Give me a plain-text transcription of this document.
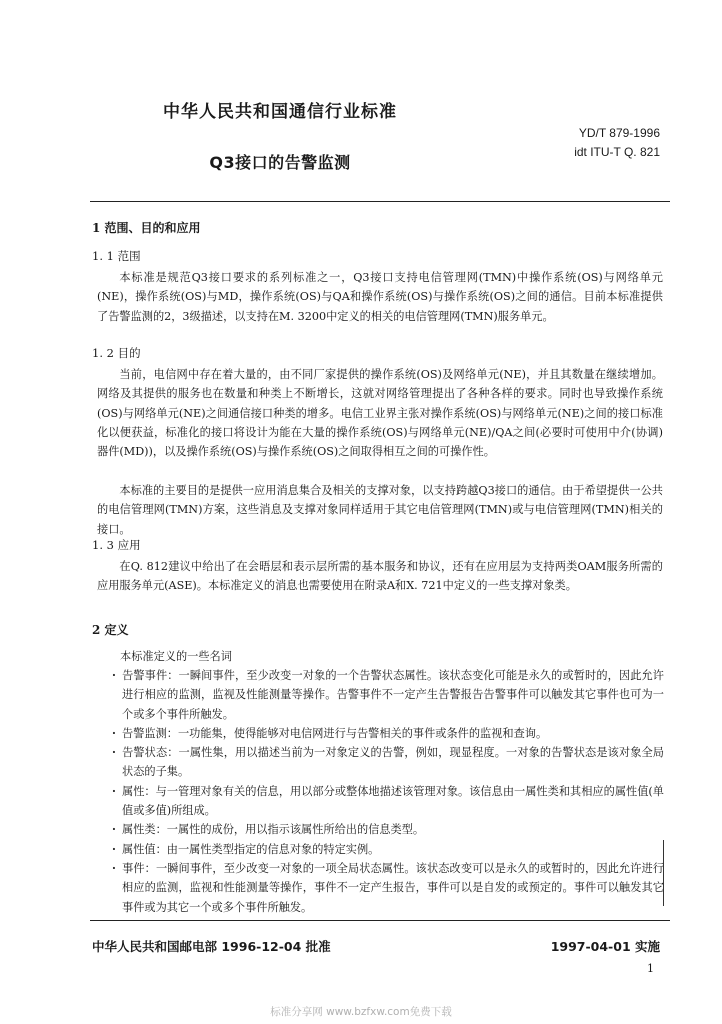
中华人民共和国通信行业标准
YD/T 879-1996
idt ITU-T Q. 821
Q3接口的告警监测
1 范围、目的和应用
1. 1 范围
本标准是规范Q3接口要求的系列标准之一，Q3接口支持电信管理网(TMN)中操作系统(OS)与网络单元(NE)，操作系统(OS)与MD，操作系统(OS)与QA和操作系统(OS)与操作系统(OS)之间的通信。目前本标准提供了告警监测的2，3级描述，以支持在M. 3200中定义的相关的电信管理网(TMN)服务单元。
1. 2 目的
当前，电信网中存在着大量的，由不同厂家提供的操作系统(OS)及网络单元(NE)，并且其数量在继续增加。网络及其提供的服务也在数量和种类上不断增长，这就对网络管理提出了各种各样的要求。同时也导致操作系统(OS)与网络单元(NE)之间通信接口种类的增多。电信工业界主张对操作系统(OS)与网络单元(NE)之间的接口标准化以便获益，标准化的接口将设计为能在大量的操作系统(OS)与网络单元(NE)/QA之间(必要时可使用中介(协调)器件(MD))，以及操作系统(OS)与操作系统(OS)之间取得相互之间的可操作性。
本标准的主要目的是提供一应用消息集合及相关的支撑对象，以支持跨越Q3接口的通信。由于希望提供一公共的电信管理网(TMN)方案，这些消息及支撑对象同样适用于其它电信管理网(TMN)或与电信管理网(TMN)相关的接口。
1. 3 应用
在Q. 812建议中给出了在会晤层和表示层所需的基本服务和协议，还有在应用层为支持两类OAM服务所需的应用服务单元(ASE)。本标准定义的消息也需要使用在附录A和X. 721中定义的一些支撑对象类。
2 定义
本标准定义的一些名词
· 告警事件：一瞬间事件，至少改变一对象的一个告警状态属性。该状态变化可能是永久的或暂时的，因此允许进行相应的监测，监视及性能测量等操作。告警事件不一定产生告警报告告警事件可以触发其它事件也可为一个或多个事件所触发。
· 告警监测：一功能集，使得能够对电信网进行与告警相关的事件或条件的监视和查询。
· 告警状态：一属性集，用以描述当前为一对象定义的告警，例如，现显程度。一对象的告警状态是该对象全局状态的子集。
· 属性：与一管理对象有关的信息，用以部分或整体地描述该管理对象。该信息由一属性类和其相应的属性值(单值或多值)所组成。
· 属性类：一属性的成份，用以指示该属性所给出的信息类型。
· 属性值：由一属性类型指定的信息对象的特定实例。
· 事件：一瞬间事件，至少改变一对象的一项全局状态属性。该状态改变可以是永久的或暂时的，因此允许进行相应的监测，监视和性能测量等操作，事件不一定产生报告，事件可以是自发的或预定的。事件可以触发其它事件或为其它一个或多个事件所触发。
中华人民共和国邮电部 1996-12-04 批准	1997-04-01 实施
1
标准分享网 www.bzfxw.com免费下载
